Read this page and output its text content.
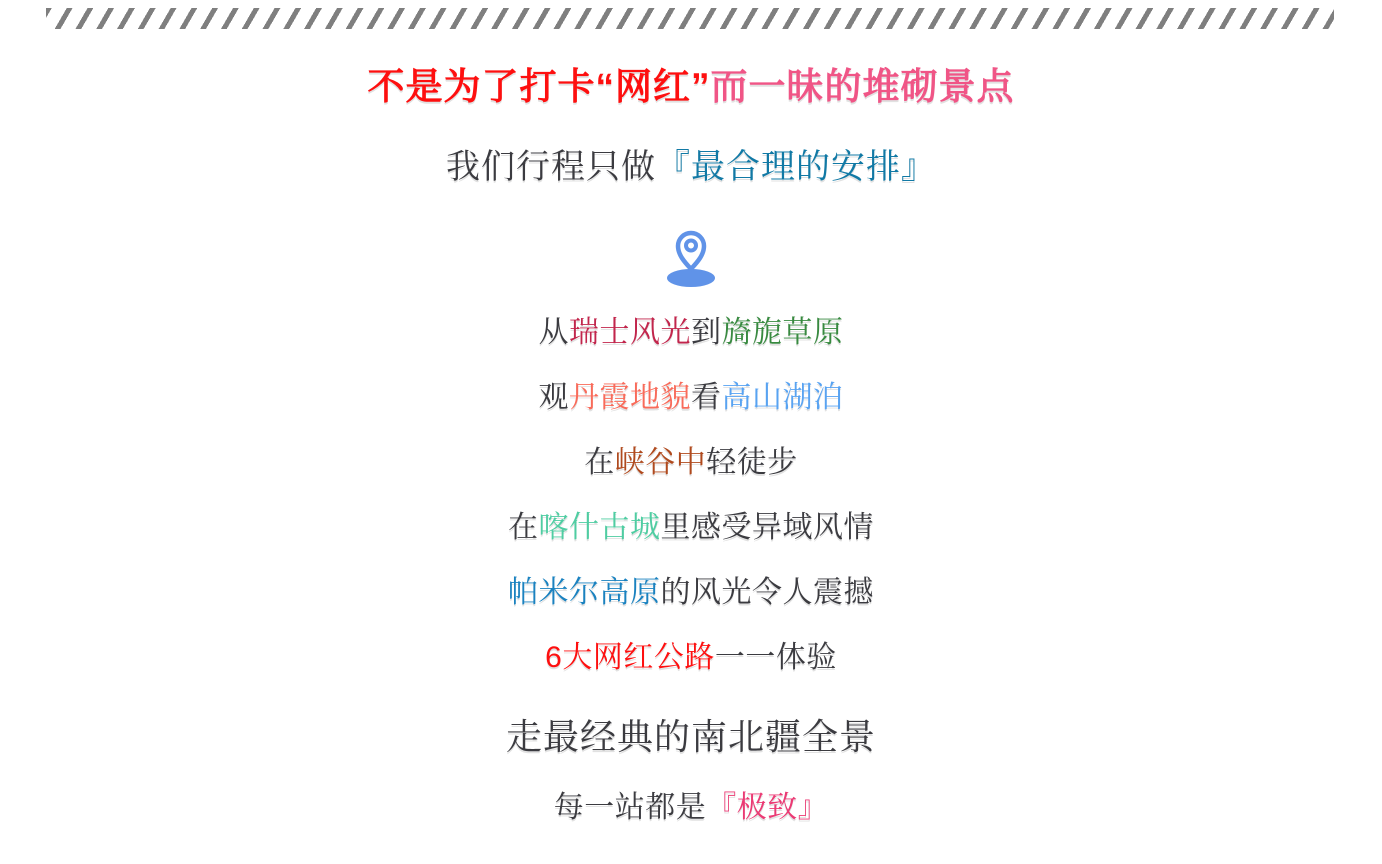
不是为了打卡“网红”而一昧的堆砌景点
我们行程只做『最合理的安排』
从瑞士风光到旖旎草原
观丹霞地貌看高山湖泊
在峡谷中轻徒步
在喀什古城里感受异域风情
帕米尔高原的风光令人震撼
6大网红公路一一体验
走最经典的南北疆全景
每一站都是『极致』
